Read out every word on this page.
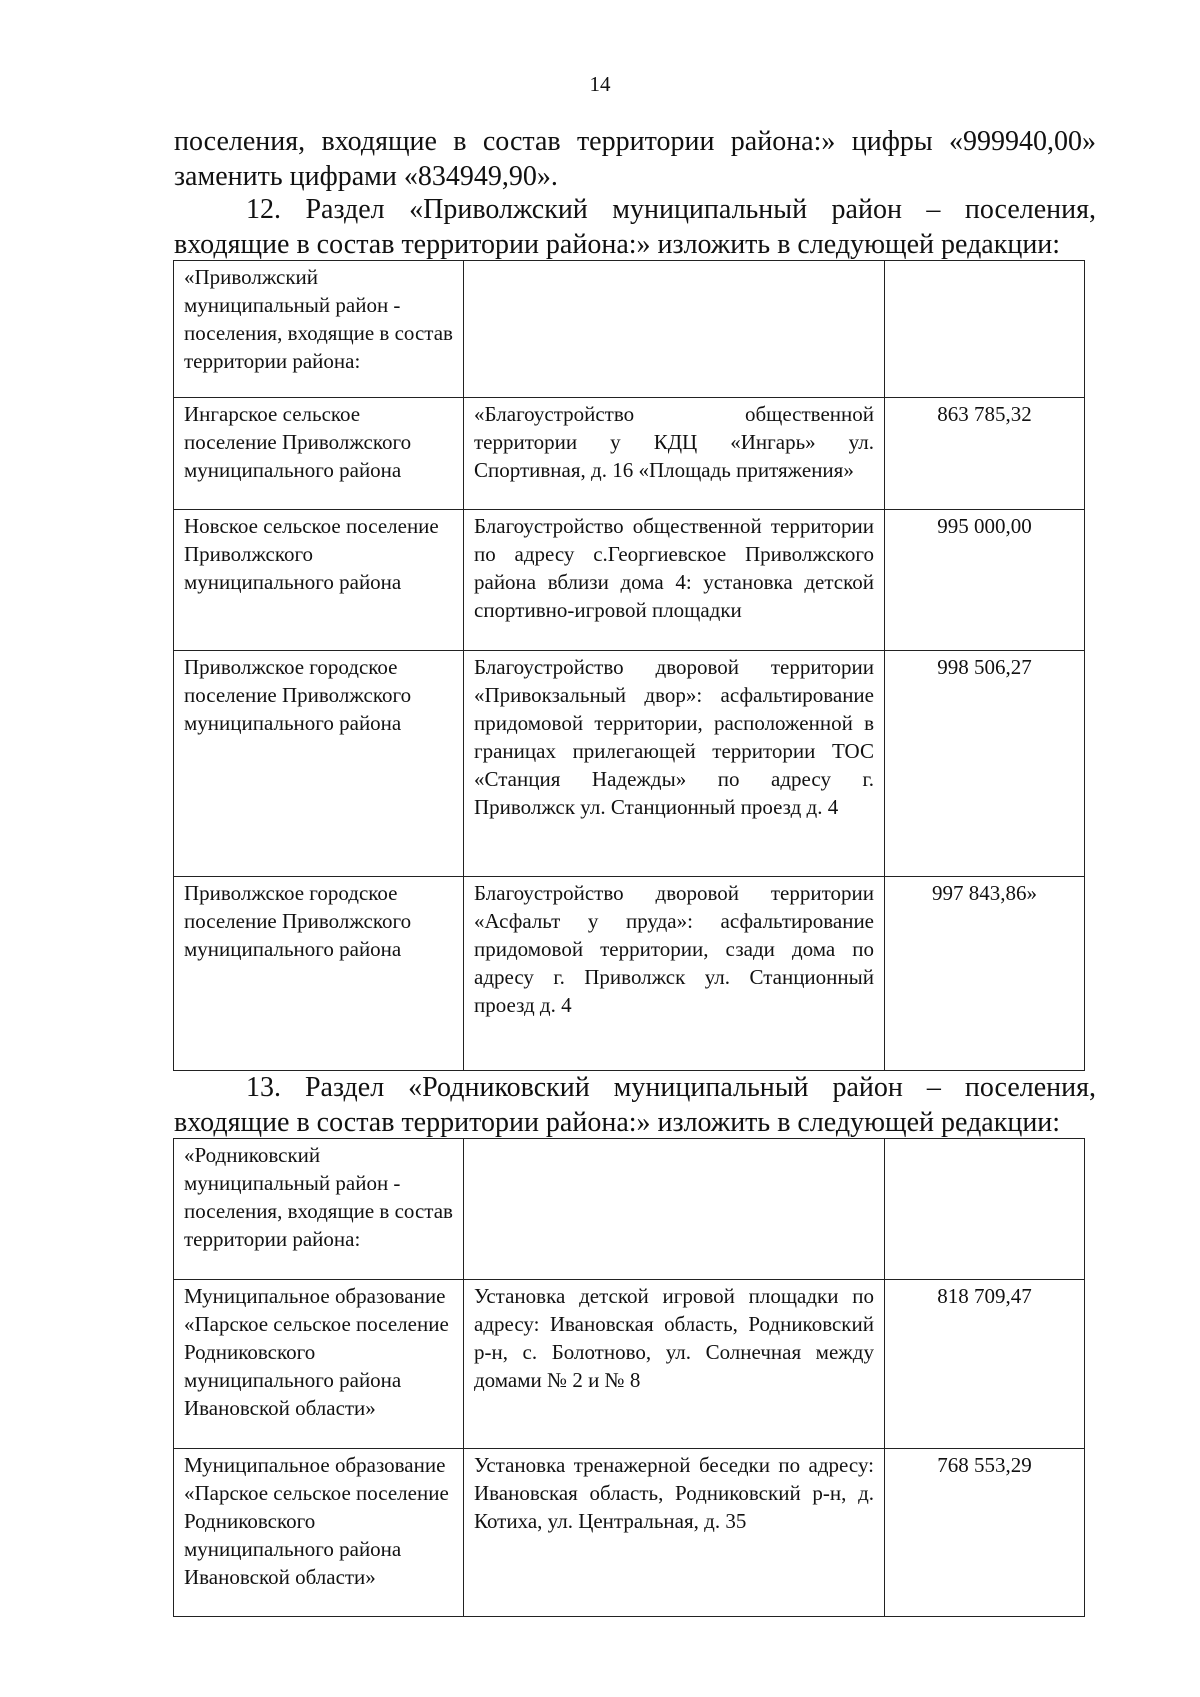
14
поселения, входящие в состав территории района:» цифры «999940,00»
заменить цифрами «834949,90».
12. Раздел «Приволжский муниципальный район – поселения,
входящие в состав территории района:» изложить в следующей редакции:
«Приволжский муниципальный район - поселения, входящие в состав территории района:		

Ингарское сельское поселение Приволжского муниципального района	«Благоустройство общественной территории у КДЦ «Ингарь» ул. Спортивная, д. 16 «Площадь притяжения»	863 785,32
Новское сельское поселение Приволжского муниципального района	Благоустройство общественной территории по адресу с.Георгиевское Приволжского района вблизи дома 4: установка детской спортивно-игровой площадки	995 000,00
Приволжское городское поселение Приволжского муниципального района	Благоустройство дворовой территории «Привокзальный двор»: асфальтирование придомовой территории, расположенной в границах прилегающей территории ТОС «Станция Надежды» по адресу г. Приволжск ул. Станционный проезд д. 4	998 506,27
Приволжское городское поселение Приволжского муниципального района	Благоустройство дворовой территории «Асфальт у пруда»: асфальтирование придомовой территории, сзади дома по адресу г. Приволжск ул. Станционный проезд д. 4	997 843,86»
13. Раздел «Родниковский муниципальный район – поселения,
входящие в состав территории района:» изложить в следующей редакции:
«Родниковский муниципальный район - поселения, входящие в состав территории района:		

Муниципальное образование «Парское сельское поселение Родниковского муниципального района Ивановской области»	Установка детской игровой площадки по адресу: Ивановская область, Родниковский р-н, с. Болотново, ул. Солнечная между домами № 2 и № 8	818 709,47
Муниципальное образование «Парское сельское поселение Родниковского муниципального района Ивановской области»	Установка тренажерной беседки по адресу: Ивановская область, Родниковский р-н, д. Котиха, ул. Центральная, д. 35	768 553,29
